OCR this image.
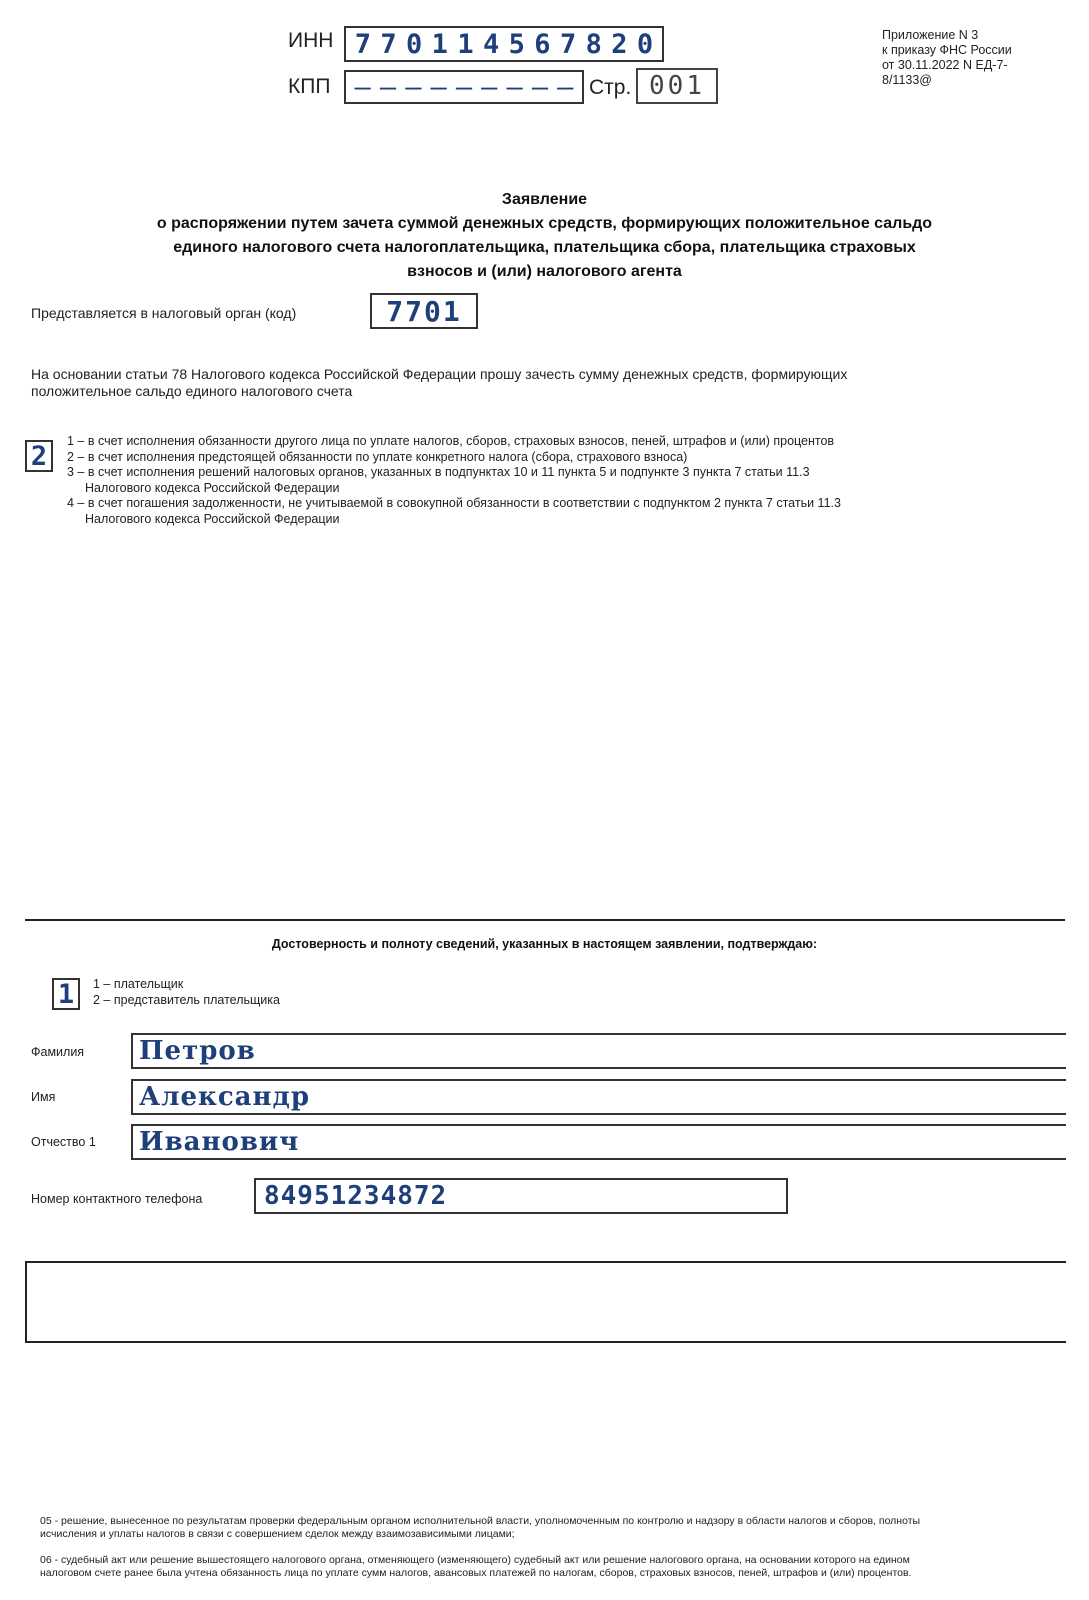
ИНН 7 7 0 1 1 4 5 6 7 8 2 0
КПП – – – – – – – – – Стр. 001
Приложение N 3
к приказу ФНС России
от 30.11.2022 N ЕД-7-
8/1133@
Заявление
о распоряжении путем зачета суммой денежных средств, формирующих положительное сальдо
единого налогового счета налогоплательщика, плательщика сбора, плательщика страховых
взносов и (или) налогового агента
Представляется в налоговый орган (код)	7701
На основании статьи 78 Налогового кодекса Российской Федерации прошу зачесть сумму денежных средств, формирующих
положительное сальдо единого налогового счета
2 1 – в счет исполнения обязанности другого лица по уплате налогов, сборов, страховых взносов, пеней, штрафов и (или) процентов
2 – в счет исполнения предстоящей обязанности по уплате конкретного налога (сбора, страхового взноса)
3 – в счет исполнения решений налоговых органов, указанных в подпунктах 10 и 11 пункта 5 и подпункте 3 пункта 7 статьи 11.3
Налогового кодекса Российской Федерации
4 – в счет погашения задолженности, не учитываемой в совокупной обязанности в соответствии с подпунктом 2 пункта 7 статьи 11.3
Налогового кодекса Российской Федерации
Достоверность и полноту сведений, указанных в настоящем заявлении, подтверждаю:
1 1 – плательщик
2 – представитель плательщика
Фамилия Петров
Имя	Александр
Отчество 1 Иванович
Номер контактного телефона 84951234872
05 - решение, вынесенное по результатам проверки федеральным органом исполнительной власти, уполномоченным по контролю и надзору в области налогов и сборов, полноты
исчисления и уплаты налогов в связи с совершением сделок между взаимозависимыми лицами;
06 - судебный акт или решение вышестоящего налогового органа, отменяющего (изменяющего) судебный акт или решение налогового органа, на основании которого на едином
налоговом счете ранее была учтена обязанность лица по уплате сумм налогов, авансовых платежей по налогам, сборов, страховых взносов, пеней, штрафов и (или) процентов.
